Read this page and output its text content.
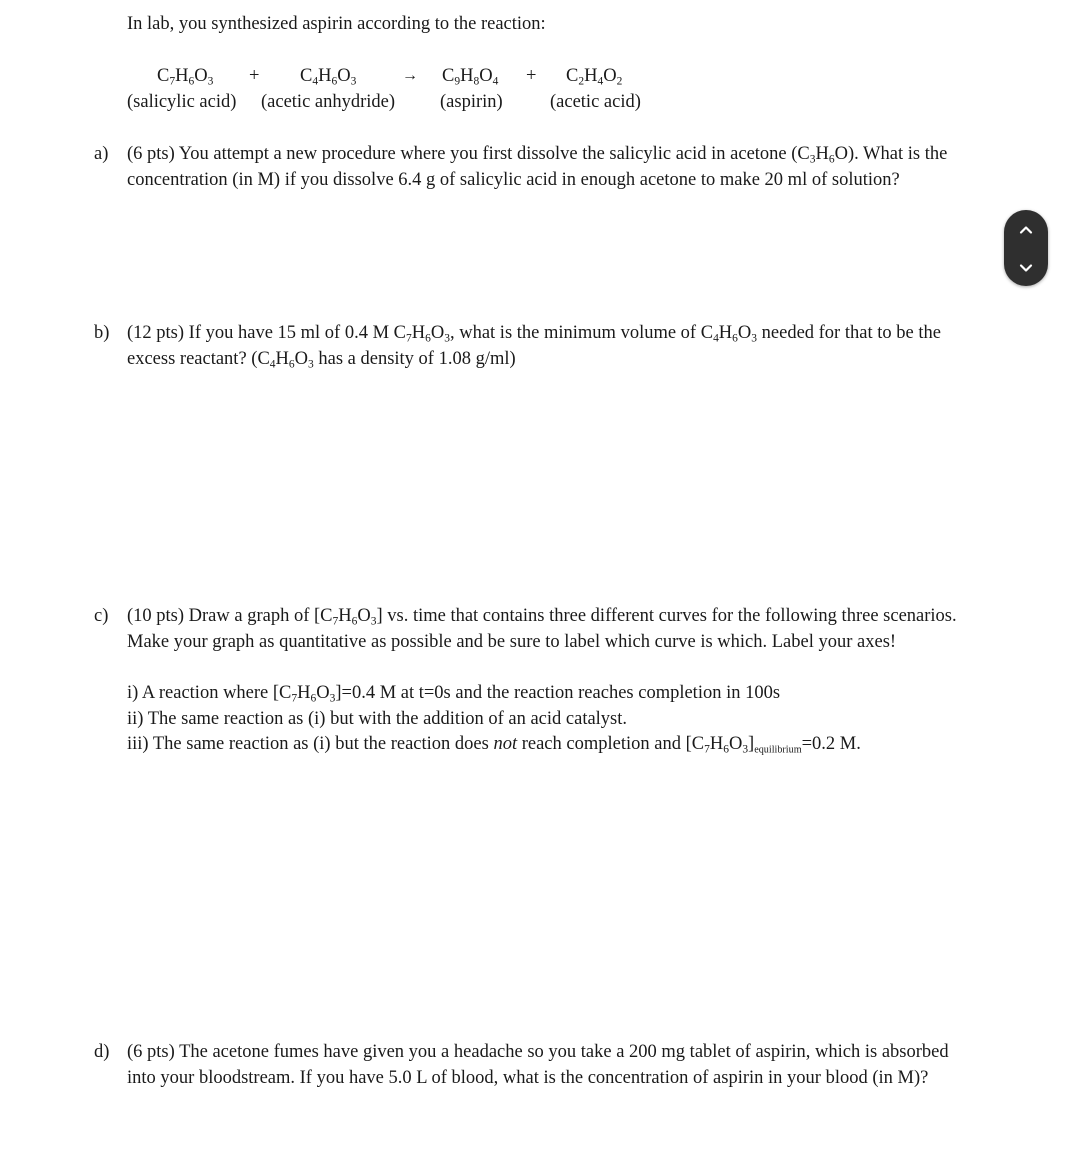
In lab, you synthesized aspirin according to the reaction:
$C_7H_6O_3 + C_4H_6O_3$	→ $C_9H_8O_4 + C_2H_4O_2$
(salicylic acid) (acetic anhydride) (aspirin)	(acetic acid)
a)	(6 pts) You attempt a new procedure where you first dissolve the salicylic acid in acetone $(C_3H_6O)$. What is the
concentration (in M) if you dissolve 6.4 g of salicylic acid in enough acetone to make 20 ml of solution?
b) (12 pts) If you have 15 ml of 0.4 M $C_7H_6O_3$, what is the minimum volume of $C_4H_6O_3$ needed for that to be the
excess reactant? ($C_4H_6O_3$ has a density of 1.08 g/ml)
c)	(10 pts) Draw a graph of $[C_7H_6O_3]$ vs. time that contains three different curves for the following three scenarios.
Make your graph as quantitative as possible and be sure to label which curve is which. Label your axes!
i) A reaction where $[C_7H_6O_3]=0.4$ M at t=0s and the reaction reaches completion in 100s
ii) The same reaction as (i) but with the addition of an acid catalyst.
iii) The same reaction as (i) but the reaction does not reach completion and $[C_7H_6O_3]_{equilibrium}=0.2$ M.
d) (6 pts) The acetone fumes have given you a headache so you take a 200 mg tablet of aspirin, which is absorbed
into your bloodstream. If you have 5.0 L of blood, what is the concentration of aspirin in your blood (in M)?
